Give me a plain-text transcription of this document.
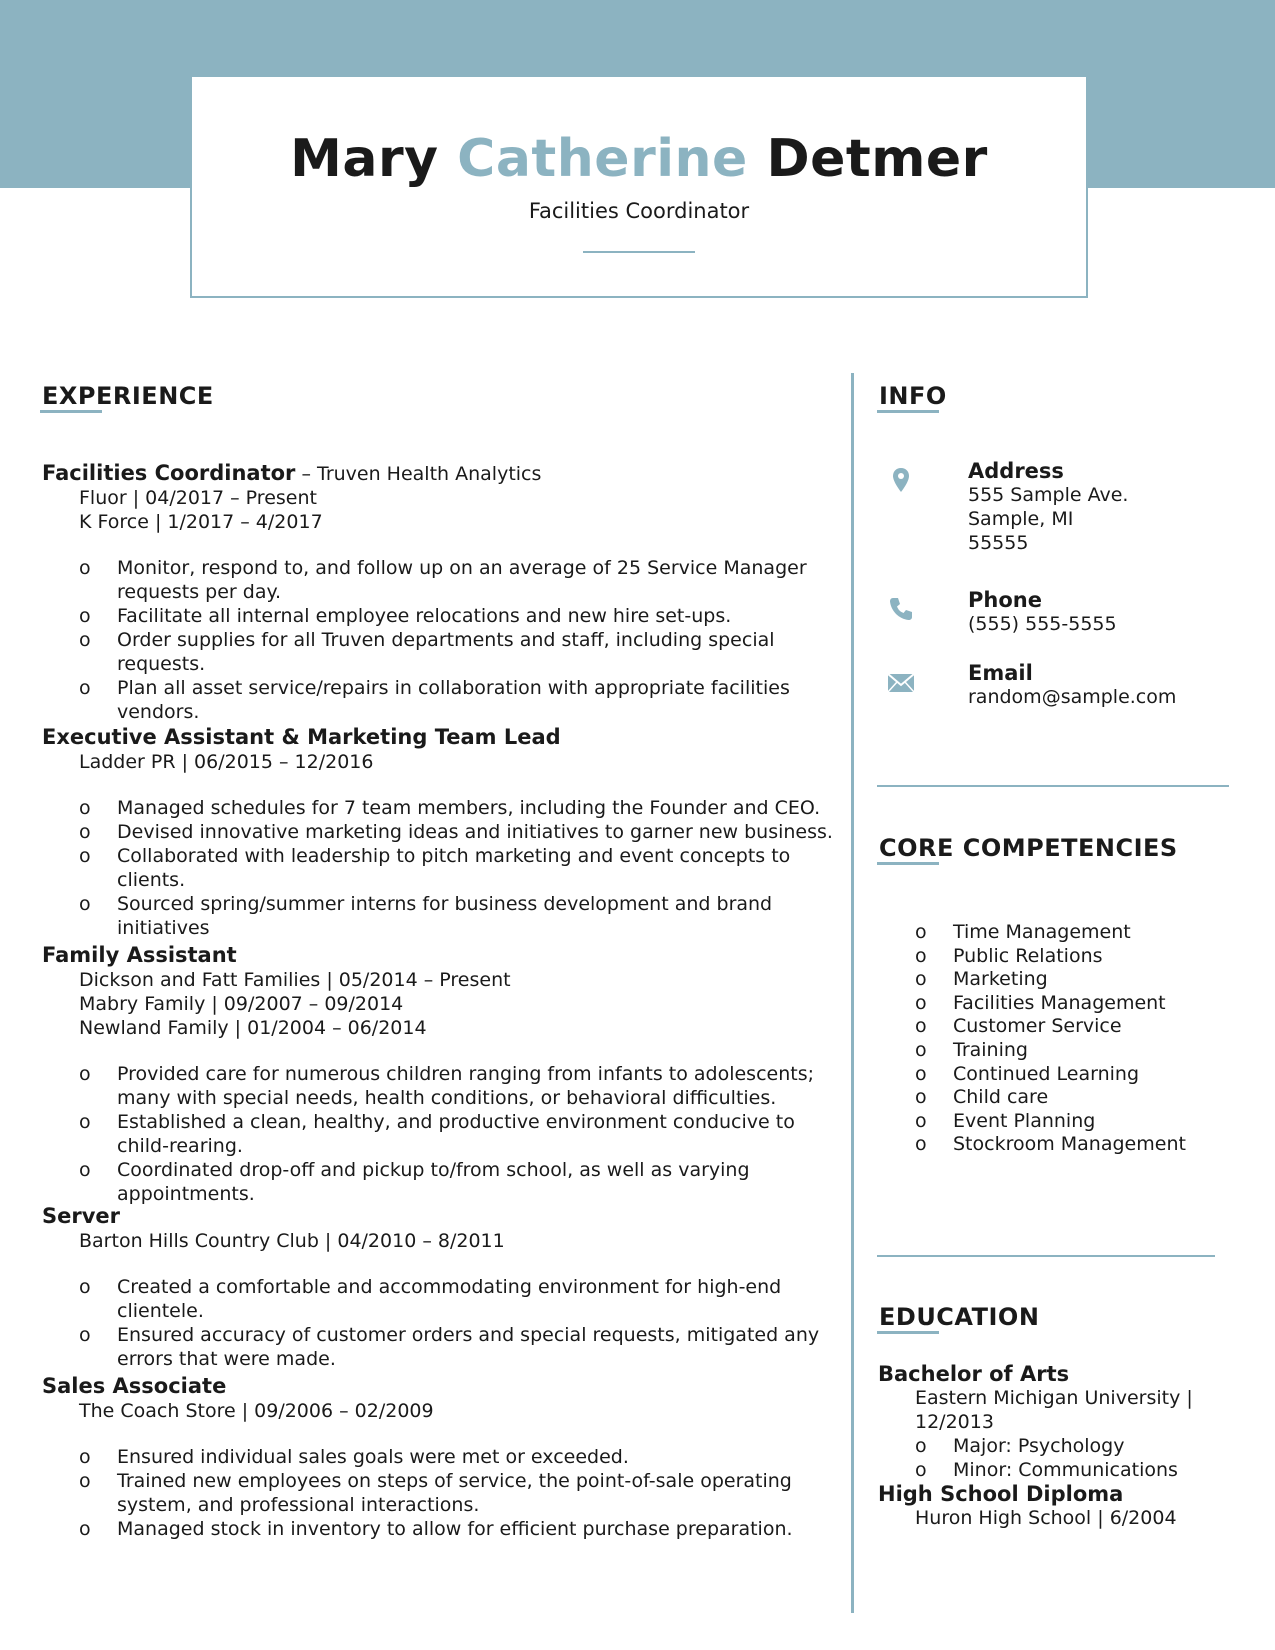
Mary Catherine Detmer
Facilities Coordinator
EXPERIENCE
Facilities Coordinator – Truven Health Analytics
Fluor | 04/2017 – Present
K Force | 1/2017 – 4/2017
o Monitor, respond to, and follow up on an average of 25 Service Manager requests per day.
o Facilitate all internal employee relocations and new hire set-ups.
o Order supplies for all Truven departments and staff, including special requests.
o Plan all asset service/repairs in collaboration with appropriate facilities vendors.
Executive Assistant & Marketing Team Lead
Ladder PR | 06/2015 – 12/2016
o Managed schedules for 7 team members, including the Founder and CEO.
o Devised innovative marketing ideas and initiatives to garner new business.
o Collaborated with leadership to pitch marketing and event concepts to clients.
o Sourced spring/summer interns for business development and brand initiatives
Family Assistant
Dickson and Fatt Families | 05/2014 – Present
Mabry Family | 09/2007 – 09/2014
Newland Family | 01/2004 – 06/2014
o Provided care for numerous children ranging from infants to adolescents; many with special needs, health conditions, or behavioral difficulties.
o Established a clean, healthy, and productive environment conducive to child-rearing.
o Coordinated drop-off and pickup to/from school, as well as varying appointments.
Server
Barton Hills Country Club | 04/2010 – 8/2011
o Created a comfortable and accommodating environment for high-end clientele.
o Ensured accuracy of customer orders and special requests, mitigated any errors that were made.
Sales Associate
The Coach Store | 09/2006 – 02/2009
o Ensured individual sales goals were met or exceeded.
o Trained new employees on steps of service, the point-of-sale operating system, and professional interactions.
o Managed stock in inventory to allow for efficient purchase preparation.
INFO
Address
555 Sample Ave.
Sample, MI
55555
Phone
(555) 555-5555
Email
random@sample.com
CORE COMPETENCIES
o Time Management
o Public Relations
o Marketing
o Facilities Management
o Customer Service
o Training
o Continued Learning
o Child care
o Event Planning
o Stockroom Management
EDUCATION
Bachelor of Arts
Eastern Michigan University | 12/2013
o Major: Psychology
o Minor: Communications
High School Diploma
Huron High School | 6/2004
